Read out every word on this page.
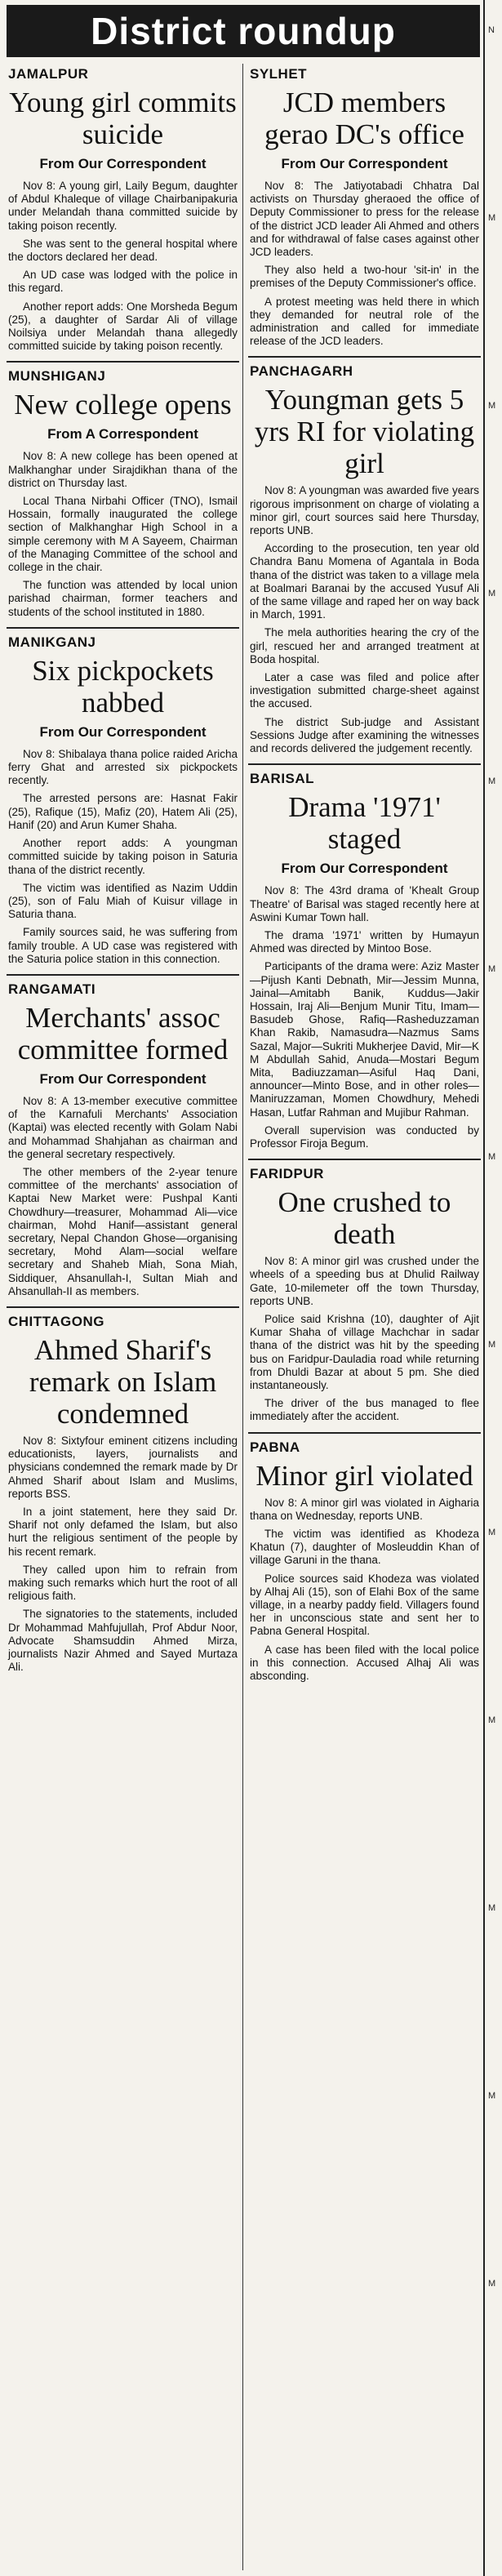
District roundup	N
M
M
M
M
M
M
M
M
M
M
M
M
JAMALPUR
Young girl commits suicide
From Our Correspondent

Nov 8: A young girl, Laily Begum, daughter of Abdul Khaleque of village Chairbanipakuria under Melandah thana committed suicide by taking poison recently.

She was sent to the general hospital where the doctors declared her dead.

An UD case was lodged with the police in this regard.

Another report adds: One Morsheda Begum (25), a daughter of Sardar Ali of village Noilsiya under Melandah thana allegedly committed suicide by taking poison recently.

MUNSHIGANJ
New college opens
From A Correspondent

Nov 8: A new college has been opened at Malkhanghar under Sirajdikhan thana of the district on Thursday last.

Local Thana Nirbahi Officer (TNO), Ismail Hossain, formally inaugurated the college section of Malkhanghar High School in a simple ceremony with M A Sayeem, Chairman of the Managing Committee of the school and college in the chair.

The function was attended by local union parishad chairman, former teachers and students of the school instituted in 1880.

MANIKGANJ
Six pickpockets nabbed
From Our Correspondent

Nov 8: Shibalaya thana police raided Aricha ferry Ghat and arrested six pickpockets recently.

The arrested persons are: Hasnat Fakir (25), Rafique (15), Mafiz (20), Hatem Ali (25), Hanif (20) and Arun Kumer Shaha.

Another report adds: A youngman committed suicide by taking poison in Saturia thana of the district recently.

The victim was identified as Nazim Uddin (25), son of Falu Miah of Kuisur village in Saturia thana.

Family sources said, he was suffering from family trouble. A UD case was registered with the Saturia police station in this connection.

RANGAMATI
Merchants' assoc committee formed
From Our Correspondent

Nov 8: A 13-member executive committee of the Karnafuli Merchants' Association (Kaptai) was elected recently with Golam Nabi and Mohammad Shahjahan as chairman and the general secretary respectively.

The other members of the 2-year tenure committee of the merchants' association of Kaptai New Market were: Pushpal Kanti Chowdhury—treasurer, Mohammad Ali—vice chairman, Mohd Hanif—assistant general secretary, Nepal Chandon Ghose—organising secretary, Mohd Alam—social welfare secretary and Shaheb Miah, Sona Miah, Siddiquer, Ahsanullah-I, Sultan Miah and Ahsanullah-II as members.

CHITTAGONG
Ahmed Sharif's remark on Islam condemned

Nov 8: Sixtyfour eminent citizens including educationists, layers, journalists and physicians condemned the remark made by Dr Ahmed Sharif about Islam and Muslims, reports BSS.

In a joint statement, here they said Dr. Sharif not only defamed the Islam, but also hurt the religious sentiment of the people by his recent remark.

They called upon him to refrain from making such remarks which hurt the root of all religious faith.

The signatories to the statements, included Dr Mohammad Mahfujullah, Prof Abdur Noor, Advocate Shamsuddin Ahmed Mirza, journalists Nazir Ahmed and Sayed Murtaza Ali.

SYLHET
JCD members gerao DC's office
From Our Correspondent

Nov 8: The Jatiyotabadi Chhatra Dal activists on Thursday gheraoed the office of Deputy Commissioner to press for the release of the district JCD leader Ali Ahmed and others and for withdrawal of false cases against other JCD leaders.

They also held a two-hour 'sit-in' in the premises of the Deputy Commissioner's office.

A protest meeting was held there in which they demanded for neutral role of the administration and called for immediate release of the JCD leaders.

PANCHAGARH
Youngman gets 5 yrs RI for violating girl

Nov 8: A youngman was awarded five years rigorous imprisonment on charge of violating a minor girl, court sources said here Thursday, reports UNB.

According to the prosecution, ten year old Chandra Banu Momena of Agantala in Boda thana of the district was taken to a village mela at Boalmari Baranai by the accused Yusuf Ali of the same village and raped her on way back in March, 1991.

The mela authorities hearing the cry of the girl, rescued her and arranged treatment at Boda hospital.

Later a case was filed and police after investigation submitted charge-sheet against the accused.

The district Sub-judge and Assistant Sessions Judge after examining the witnesses and records delivered the judgement recently.

BARISAL
Drama '1971' staged
From Our Correspondent

Nov 8: The 43rd drama of 'Khealt Group Theatre' of Barisal was staged recently here at Aswini Kumar Town hall.

The drama '1971' written by Humayun Ahmed was directed by Mintoo Bose.

Participants of the drama were: Aziz Master—Pijush Kanti Debnath, Mir—Jessim Munna, Jainal—Amitabh Banik, Kuddus—Jakir Hossain, Iraj Ali—Benjum Munir Titu, Imam—Basudeb Ghose, Rafiq—Rasheduzzaman Khan Rakib, Namasudra—Nazmus Sams Sazal, Major—Sukriti Mukherjee David, Mir—K M Abdullah Sahid, Anuda—Mostari Begum Mita, Badiuzzaman—Asiful Haq Dani, announcer—Minto Bose, and in other roles—Maniruzzaman, Momen Chowdhury, Mehedi Hasan, Lutfar Rahman and Mujibur Rahman.

Overall supervision was conducted by Professor Firoja Begum.

FARIDPUR
One crushed to death

Nov 8: A minor girl was crushed under the wheels of a speeding bus at Dhulid Railway Gate, 10-milemeter off the town Thursday, reports UNB.

Police said Krishna (10), daughter of Ajit Kumar Shaha of village Machchar in sadar thana of the district was hit by the speeding bus on Faridpur-Dauladia road while returning from Dhuldi Bazar at about 5 pm. She died instantaneously.

The driver of the bus managed to flee immediately after the accident.

PABNA
Minor girl violated

Nov 8: A minor girl was violated in Aigharia thana on Wednesday, reports UNB.

The victim was identified as Khodeza Khatun (7), daughter of Mosleuddin Khan of village Garuni in the thana.

Police sources said Khodeza was violated by Alhaj Ali (15), son of Elahi Box of the same village, in a nearby paddy field. Villagers found her in unconscious state and sent her to Pabna General Hospital.

A case has been filed with the local police in this connection. Accused Alhaj Ali was absconding.
